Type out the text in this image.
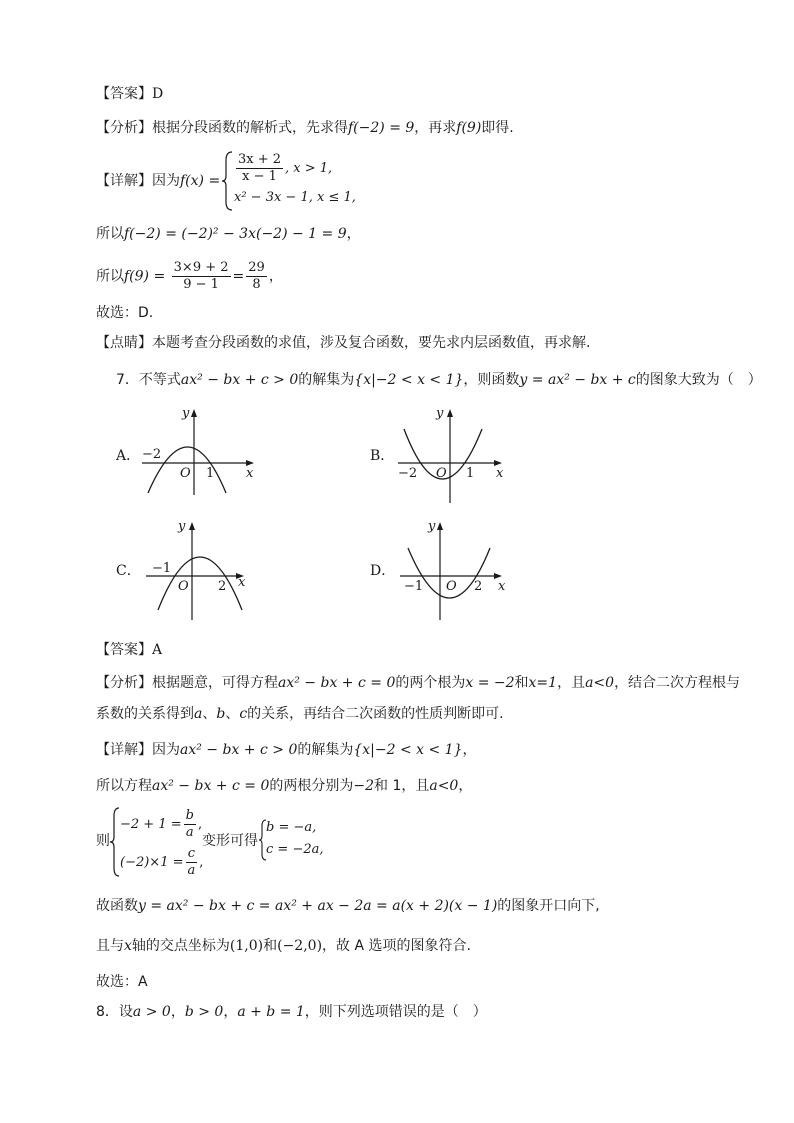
【答案】D
【分析】根据分段函数的解析式，先求得f(−2) = 9，再求f(9)即得.
【详解】因为$f(x) = \frac{3x + 2}{x - 1}$ , x > 1,
x² − 3x − 1, x ≤ 1,
所以f(−2) = (−2)² − 3x(−2) − 1 = 9，
所以$f(9) = \frac{3\times 9 + 2}{9 - 1} = \frac{29}{8}$ ，
故选：D.
【点睛】本题考查分段函数的求值，涉及复合函数，要先求内层函数值，再求解.
7．不等式ax² − bx + c > 0的解集为{x|−2 < x < 1}，则函数y = ax² − bx + c的图象大致为（　）
A．
x
y
O
−2
1
B．
x
y
O
−2	1
C．
x
y
O
−1
2
D．
x
y
O
−1	2
【答案】A
【分析】根据题意，可得方程ax² − bx + c = 0的两个根为x = −2和x=1，且a<0，结合二次方程根与
系数的关系得到a、b、c的关系，再结合二次函数的性质判断即可.
【详解】因为ax² − bx + c > 0的解集为{x|−2 < x < 1}，
所以方程ax² − bx + c = 0的两根分别为−2和 1，且a<0，
则
$-2 + 1 = \frac{b}{a}$ ,
$(-2)\times 1 = \frac{c}{a}$ ,
变形可得
b = −a,
c = −2a,
故函数y = ax² − bx + c = ax² + ax − 2a = a(x + 2)(x − 1)的图象开口向下,
且与x轴的交点坐标为(1,0)和(−2,0)，故 A 选项的图象符合.
故选：A
8．设a > 0，b > 0，a + b = 1，则下列选项错误的是（　）
